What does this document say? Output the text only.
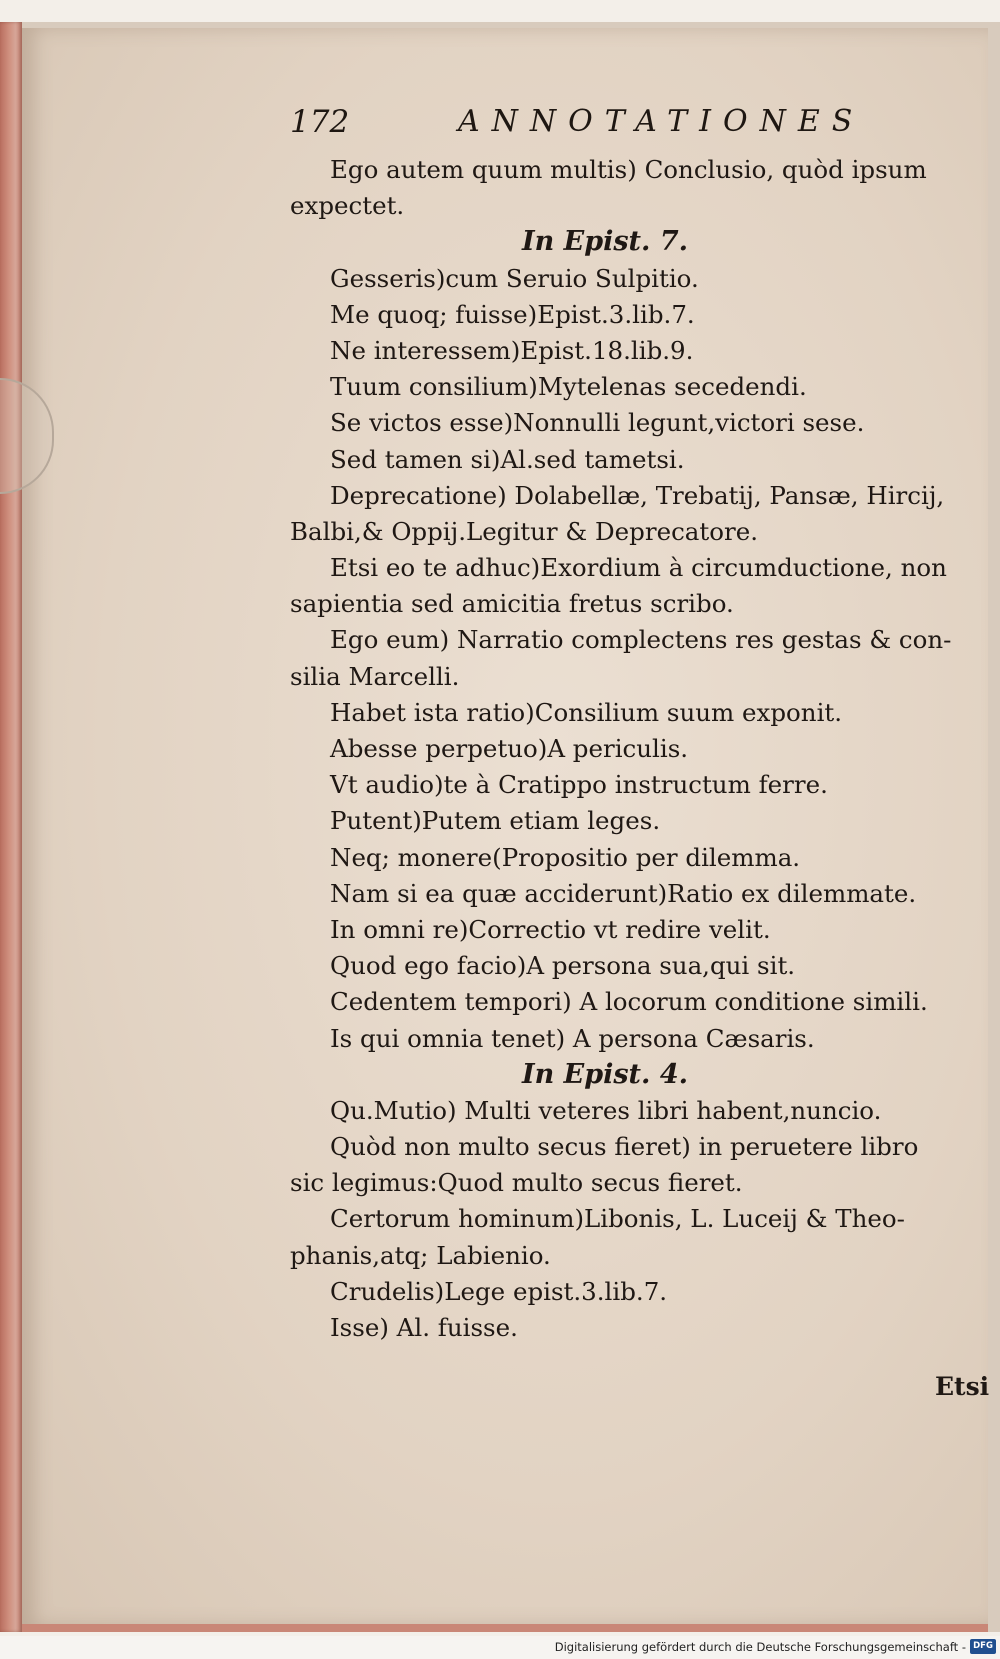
172	ANNOTATIONES
Ego autem quum multis) Conclusio, quòd ipsum
expectet.
In Epist. 7.
Gesseris)cum Seruio Sulpitio.
Me quoq; fuisse)Epist.3.lib.7.
Ne interessem)Epist.18.lib.9.
Tuum consilium)Mytelenas secedendi.
Se victos esse)Nonnulli legunt,victori sese.
Sed tamen si)Al.sed tametsi.
Deprecatione) Dolabellæ, Trebatij, Pansæ, Hircij,
Balbi,& Oppij.Legitur & Deprecatore.
Etsi eo te adhuc)Exordium à circumductione, non
sapientia sed amicitia fretus scribo.
Ego eum) Narratio complectens res gestas & con-
silia Marcelli.
Habet ista ratio)Consilium suum exponit.
Abesse perpetuo)A periculis.
Vt audio)te à Cratippo instructum ferre.
Putent)Putem etiam leges.
Neq; monere(Propositio per dilemma.
Nam si ea quæ acciderunt)Ratio ex dilemmate.
In omni re)Correctio vt redire velit.
Quod ego facio)A persona sua,qui sit.
Cedentem tempori) A locorum conditione simili.
Is qui omnia tenet) A persona Cæsaris.
In Epist. 4.
Qu.Mutio) Multi veteres libri habent,nuncio.
Quòd non multo secus fieret) in peruetere libro
sic legimus:Quod multo secus fieret.
Certorum hominum)Libonis, L. Luceij & Theo-
phanis,atq; Labienio.
Crudelis)Lege epist.3.lib.7.
Isse) Al. fuisse.
Etsi
Digitalisierung gefördert durch die Deutsche Forschungsgemeinschaft - DFG
